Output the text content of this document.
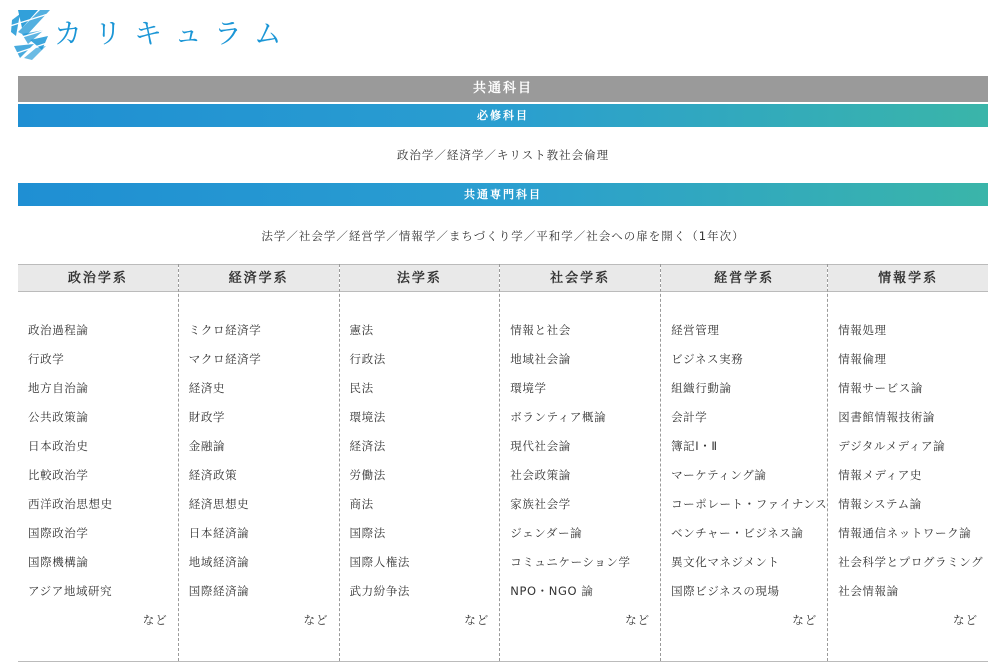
カリキュラム
共通科目
必修科目

政治学／経済学／キリスト教社会倫理

共通専門科目

法学／社会学／経営学／情報学／まちづくり学／平和学／社会への扉を開く（1年次）

政治学系
政治過程論
行政学
地方自治論
公共政策論
日本政治史
比較政治学
西洋政治思想史
国際政治学
国際機構論
アジア地域研究
など
経済学系
ミクロ経済学
マクロ経済学
経済史
財政学
金融論
経済政策
経済思想史
日本経済論
地域経済論
国際経済論
など
法学系
憲法
行政法
民法
環境法
経済法
労働法
商法
国際法
国際人権法
武力紛争法
など
社会学系
情報と社会
地域社会論
環境学
ボランティア概論
現代社会論
社会政策論
家族社会学
ジェンダー論
コミュニケーション学
NPO・NGO 論
など
経営学系
経営管理
ビジネス実務
組織行動論
会計学
簿記Ⅰ・Ⅱ
マーケティング論
コーポレート・ファイナンス
ベンチャー・ビジネス論
異文化マネジメント
国際ビジネスの現場
など
情報学系
情報処理
情報倫理
情報サービス論
図書館情報技術論
デジタルメディア論
情報メディア史
情報システム論
情報通信ネットワーク論
社会科学とプログラミング
社会情報論
など
